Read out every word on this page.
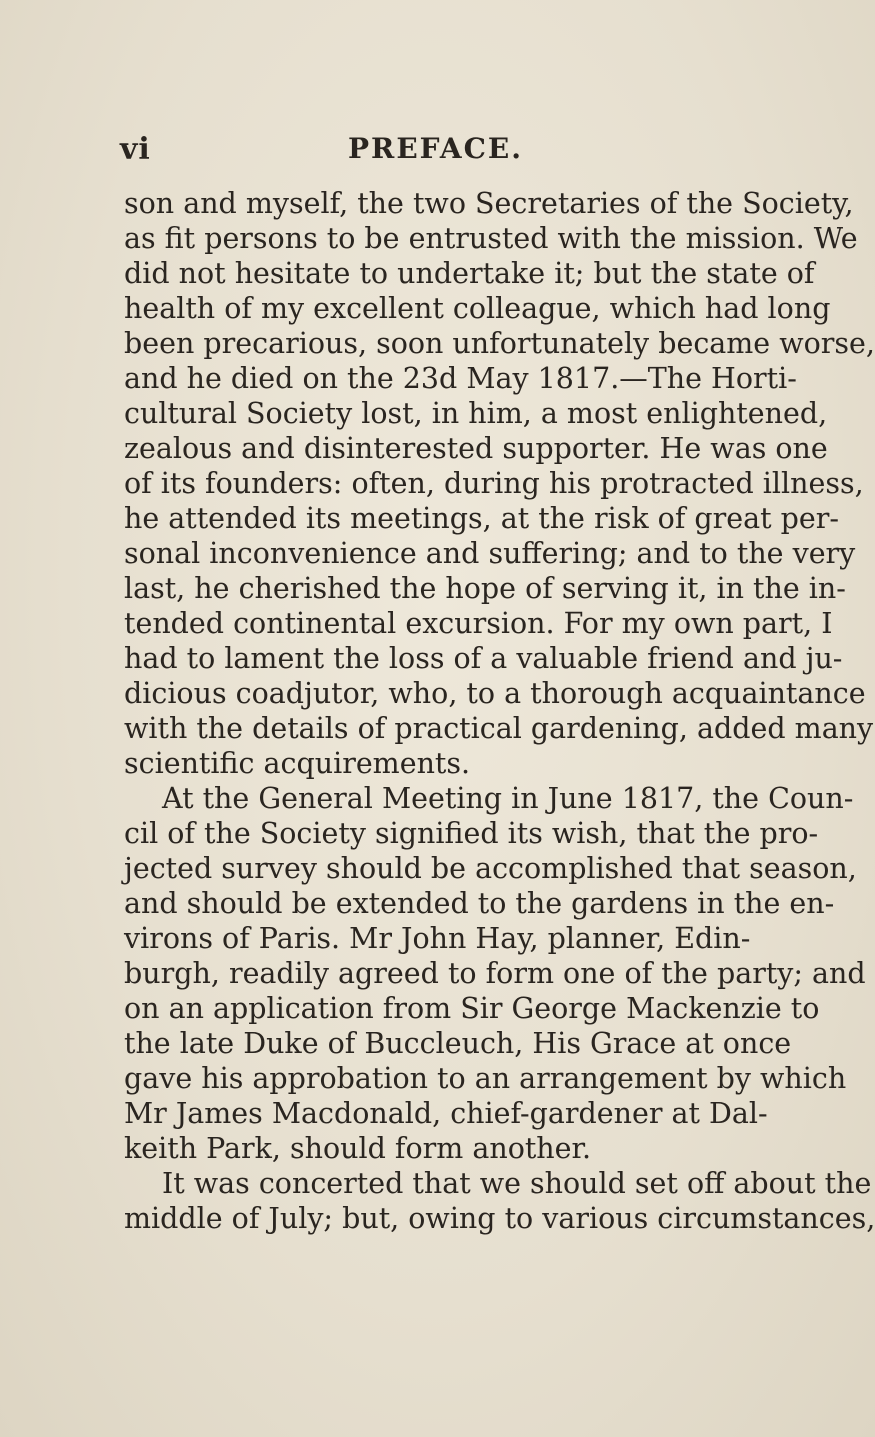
vi	PREFACE.
son and myself, the two Secretaries of the Society,
as fit persons to be entrusted with the mission. We
did not hesitate to undertake it; but the state of
health of my excellent colleague, which had long
been precarious, soon unfortunately became worse,
and he died on the 23d May 1817.—The Horti-
cultural Society lost, in him, a most enlightened,
zealous and disinterested supporter. He was one
of its founders: often, during his protracted illness,
he attended its meetings, at the risk of great per-
sonal inconvenience and suffering; and to the very
last, he cherished the hope of serving it, in the in-
tended continental excursion. For my own part, I
had to lament the loss of a valuable friend and ju-
dicious coadjutor, who, to a thorough acquaintance
with the details of practical gardening, added many
scientific acquirements.
At the General Meeting in June 1817, the Coun-
cil of the Society signified its wish, that the pro-
jected survey should be accomplished that season,
and should be extended to the gardens in the en-
virons of Paris. Mr John Hay, planner, Edin-
burgh, readily agreed to form one of the party; and
on an application from Sir George Mackenzie to
the late Duke of Buccleuch, His Grace at once
gave his approbation to an arrangement by which
Mr James Macdonald, chief-gardener at Dal-
keith Park, should form another.
It was concerted that we should set off about the
middle of July; but, owing to various circumstances,
